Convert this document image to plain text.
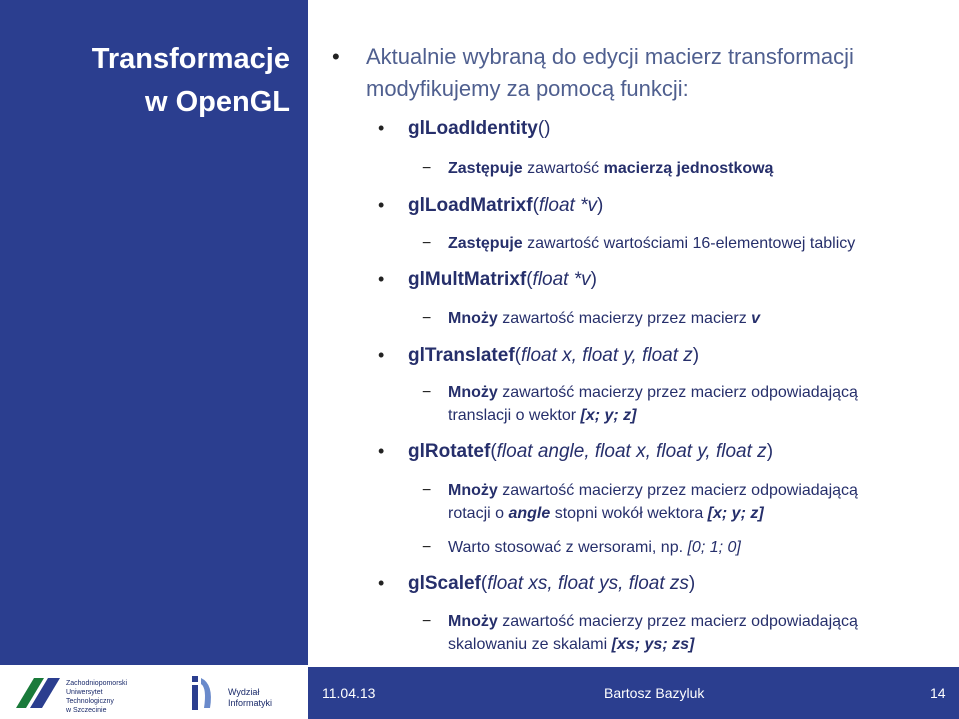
Transformacje
w OpenGL
• Aktualnie wybraną do edycji macierz transformacji
modyfikujemy za pomocą funkcji:
• glLoadIdentity()
− Zastępuje zawartość macierzą jednostkową
• glLoadMatrixf(float *v)
− Zastępuje zawartość wartościami 16-elementowej tablicy
• glMultMatrixf(float *v)
− Mnoży zawartość macierzy przez macierz v
• glTranslatef(float x, float y, float z)
− Mnoży zawartość macierzy przez macierz odpowiadającą
translacji o wektor [x; y; z]
• glRotatef(float angle, float x, float y, float z)
− Mnoży zawartość macierzy przez macierz odpowiadającą
rotacji o angle stopni wokół wektora [x; y; z]
− Warto stosować z wersorami, np. [0; 1; 0]
• glScalef(float xs, float ys, float zs)
− Mnoży zawartość macierzy przez macierz odpowiadającą
skalowaniu ze skalami [xs; ys; zs]
Zachodniopomorski
Uniwersytet
Technologiczny
w Szczecinie
Wydział
Informatyki
11.04.13	Bartosz Bazyluk	14
